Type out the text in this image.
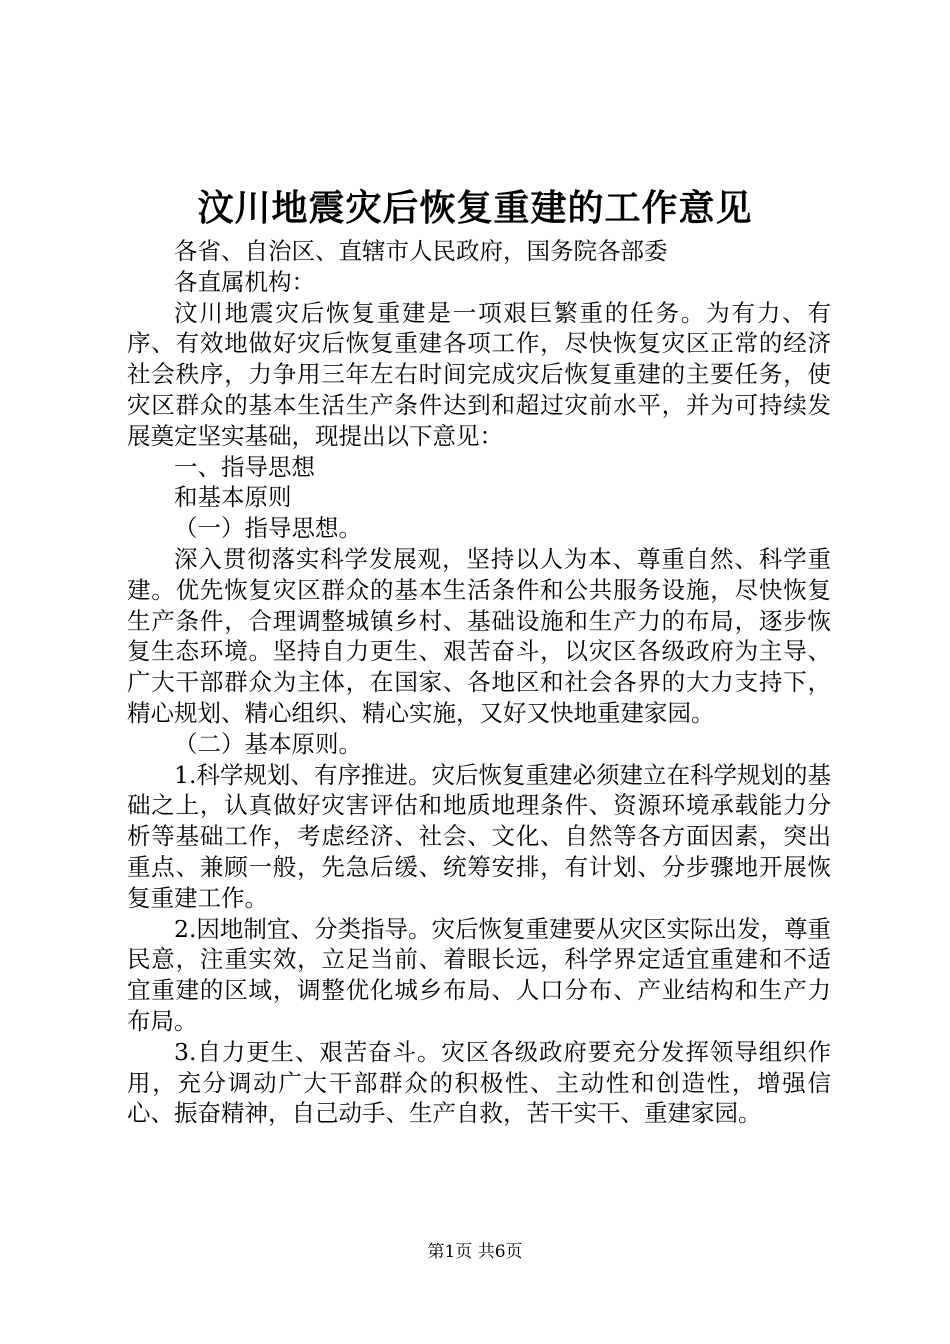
汶川地震灾后恢复重建的工作意见

各省、自治区、直辖市人民政府，国务院各部委

各直属机构：

汶川地震灾后恢复重建是一项艰巨繁重的任务。为有力、有序、有效地做好灾后恢复重建各项工作，尽快恢复灾区正常的经济社会秩序，力争用三年左右时间完成灾后恢复重建的主要任务，使灾区群众的基本生活生产条件达到和超过灾前水平，并为可持续发展奠定坚实基础，现提出以下意见：

一、指导思想

和基本原则

（一）指导思想。

深入贯彻落实科学发展观，坚持以人为本、尊重自然、科学重建。优先恢复灾区群众的基本生活条件和公共服务设施，尽快恢复生产条件，合理调整城镇乡村、基础设施和生产力的布局，逐步恢复生态环境。坚持自力更生、艰苦奋斗，以灾区各级政府为主导、广大干部群众为主体，在国家、各地区和社会各界的大力支持下，精心规划、精心组织、精心实施，又好又快地重建家园。

（二）基本原则。

1.科学规划、有序推进。灾后恢复重建必须建立在科学规划的基础之上，认真做好灾害评估和地质地理条件、资源环境承载能力分析等基础工作，考虑经济、社会、文化、自然等各方面因素，突出重点、兼顾一般，先急后缓、统筹安排，有计划、分步骤地开展恢复重建工作。

2.因地制宜、分类指导。灾后恢复重建要从灾区实际出发，尊重民意，注重实效，立足当前、着眼长远，科学界定适宜重建和不适宜重建的区域，调整优化城乡布局、人口分布、产业结构和生产力布局。

3.自力更生、艰苦奋斗。灾区各级政府要充分发挥领导组织作用，充分调动广大干部群众的积极性、主动性和创造性，增强信心、振奋精神，自己动手、生产自救，苦干实干、重建家园。

第1页 共6页
